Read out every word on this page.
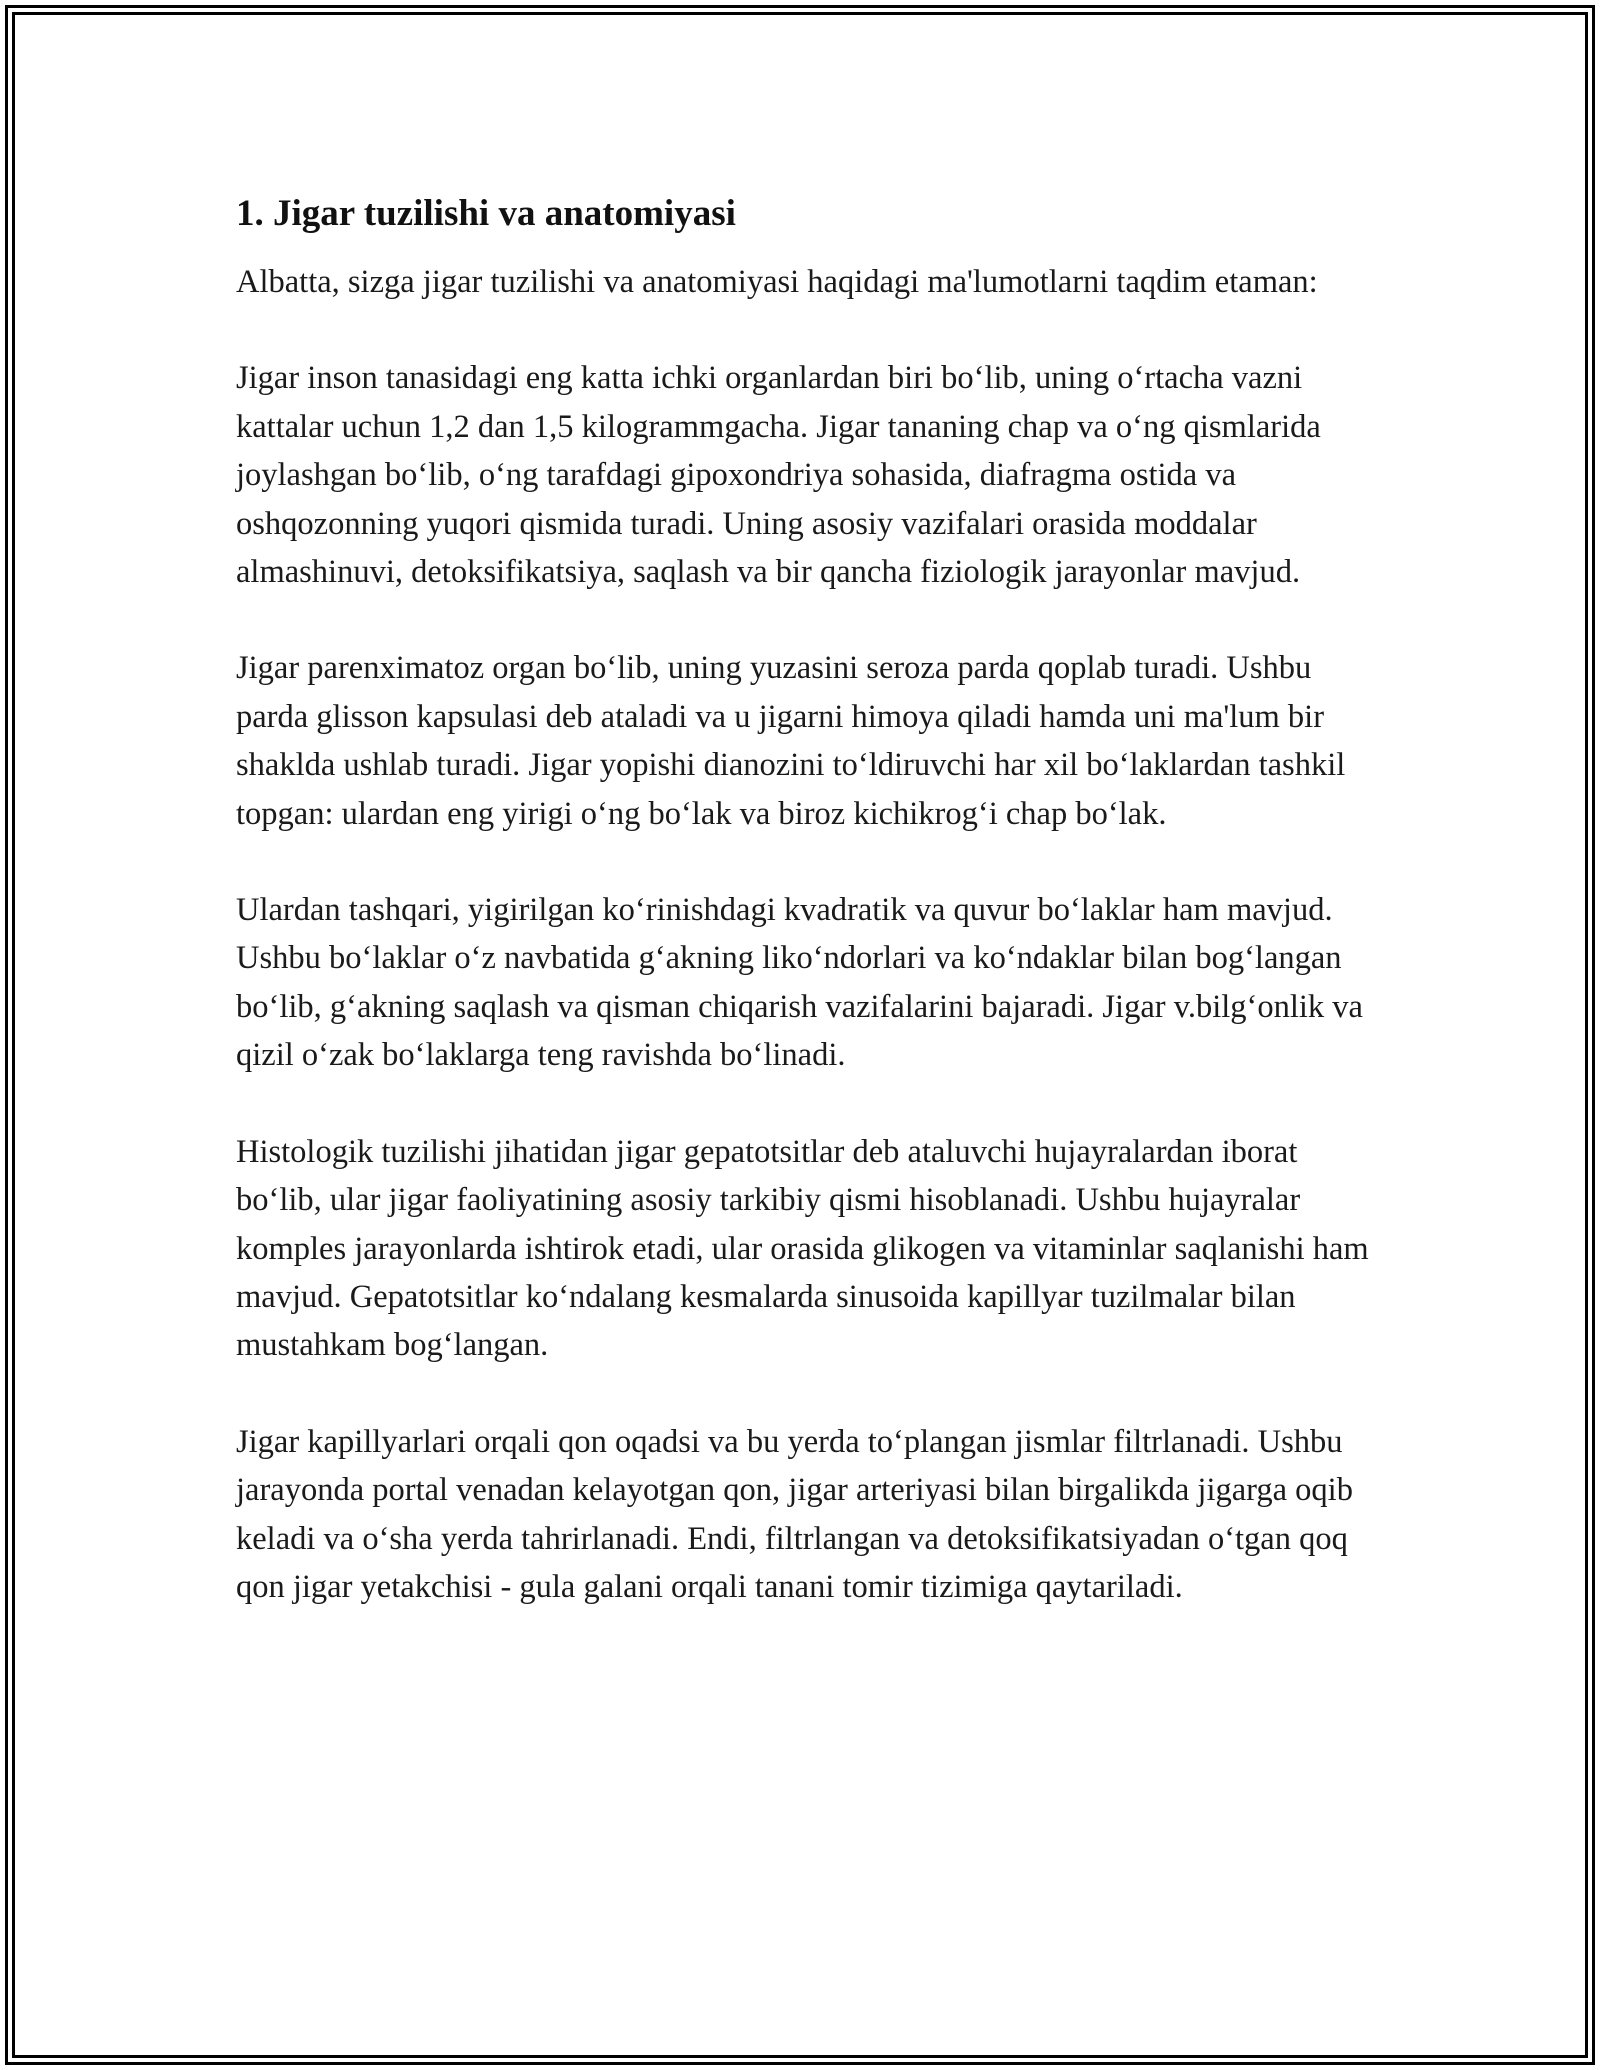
1. Jigar tuzilishi va anatomiyasi

Albatta, sizga jigar tuzilishi va anatomiyasi haqidagi ma'lumotlarni taqdim etaman:

Jigar inson tanasidagi eng katta ichki organlardan biri bo‘lib, uning o‘rtacha vazni kattalar uchun 1,2 dan 1,5 kilogrammgacha. Jigar tananing chap va o‘ng qismlarida joylashgan bo‘lib, o‘ng tarafdagi gipoxondriya sohasida, diafragma ostida va oshqozonning yuqori qismida turadi. Uning asosiy vazifalari orasida moddalar almashinuvi, detoksifikatsiya, saqlash va bir qancha fiziologik jarayonlar mavjud.

Jigar parenximatoz organ bo‘lib, uning yuzasini seroza parda qoplab turadi. Ushbu parda glisson kapsulasi deb ataladi va u jigarni himoya qiladi hamda uni ma'lum bir shaklda ushlab turadi. Jigar yopishi dianozini to‘ldiruvchi har xil bo‘laklardan tashkil topgan: ulardan eng yirigi o‘ng bo‘lak va biroz kichikrog‘i chap bo‘lak.

Ulardan tashqari, yigirilgan ko‘rinishdagi kvadratik va quvur bo‘laklar ham mavjud. Ushbu bo‘laklar o‘z navbatida g‘akning liko‘ndorlari va ko‘ndaklar bilan bog‘langan bo‘lib, g‘akning saqlash va qisman chiqarish vazifalarini bajaradi. Jigar v.bilg‘onlik va qizil o‘zak bo‘laklarga teng ravishda bo‘linadi.

Histologik tuzilishi jihatidan jigar gepatotsitlar deb ataluvchi hujayralardan iborat bo‘lib, ular jigar faoliyatining asosiy tarkibiy qismi hisoblanadi. Ushbu hujayralar komples jarayonlarda ishtirok etadi, ular orasida glikogen va vitaminlar saqlanishi ham mavjud. Gepatotsitlar ko‘ndalang kesmalarda sinusoida kapillyar tuzilmalar bilan mustahkam bog‘langan.

Jigar kapillyarlari orqali qon oqadsi va bu yerda to‘plangan jismlar filtrlanadi. Ushbu jarayonda portal venadan kelayotgan qon, jigar arteriyasi bilan birgalikda jigarga oqib keladi va o‘sha yerda tahrirlanadi. Endi, filtrlangan va detoksifikatsiyadan o‘tgan qoq qon jigar yetakchisi - gula galani orqali tanani tomir tizimiga qaytariladi.
